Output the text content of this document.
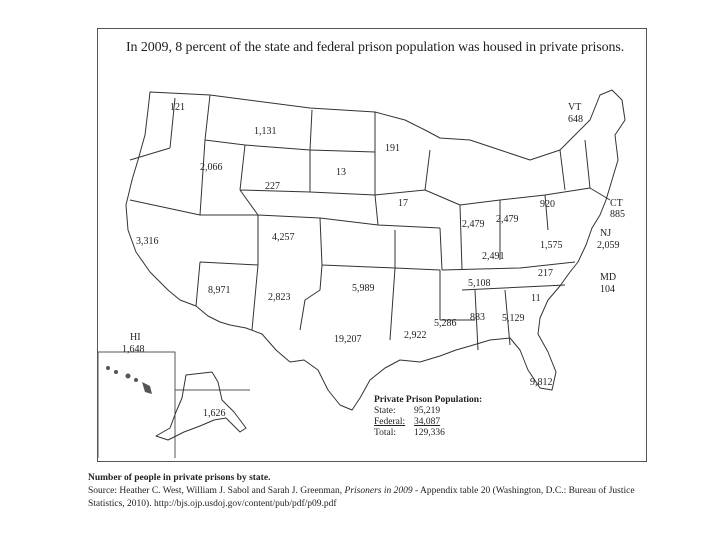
In 2009, 8 percent of the state and federal prison population was housed in private prisons.
121
1,131
2,066
227
191
13
17	920
2,479 2,479
3,316	4,257
1,575
2,491
217
5,108
8,971
2,823
5,989
11
883 5,129
5,286
2,922
19,207
9,812
1,626
VT
648
CT
885
NJ
2,059
MD
104
HI
1,648
Private Prison Population:
State:	95,219
Federal: 34,087
Total:	129,336
Number of people in private prisons by state.
Source: Heather C. West, William J. Sabol and Sarah J. Greenman, Prisoners in 2009 - Appendix table 20 (Washington, D.C.: Bureau of Justice Statistics, 2010). http://bjs.ojp.usdoj.gov/content/pub/pdf/p09.pdf
